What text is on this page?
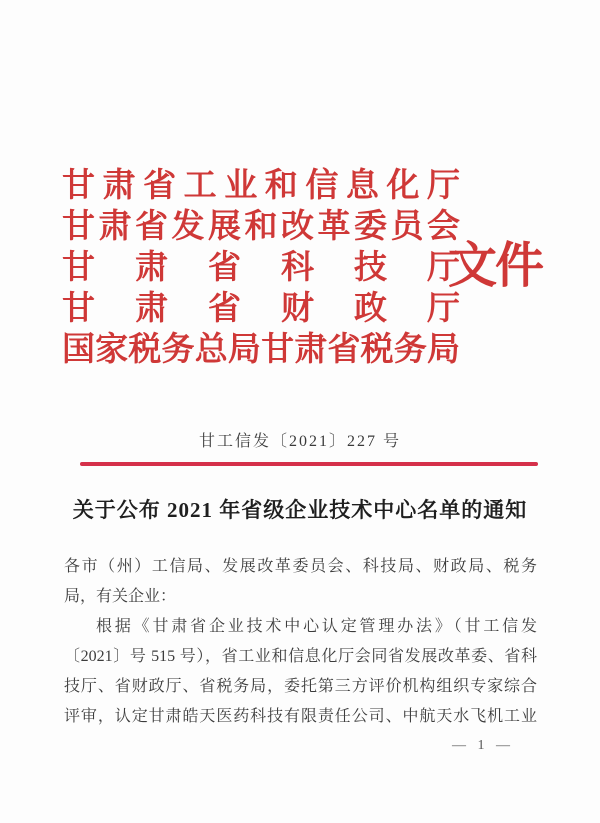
甘肃省工业和信息化厅
甘肃省发展和改革委员会
甘肃省科技厅
甘肃省财政厅
国家税务总局甘肃省税务局
文件
甘工信发〔2021〕227 号
关于公布 2021 年省级企业技术中心名单的通知
各市（州）工信局、发展改革委员会、科技局、财政局、税务
局，有关企业：
根据《甘肃省企业技术中心认定管理办法》（甘工信发
〔2021〕号 515 号），省工业和信息化厅会同省发展改革委、省科
技厅、省财政厅、省税务局，委托第三方评价机构组织专家综合
评审，认定甘肃皓天医药科技有限责任公司、中航天水飞机工业
— 1 —
